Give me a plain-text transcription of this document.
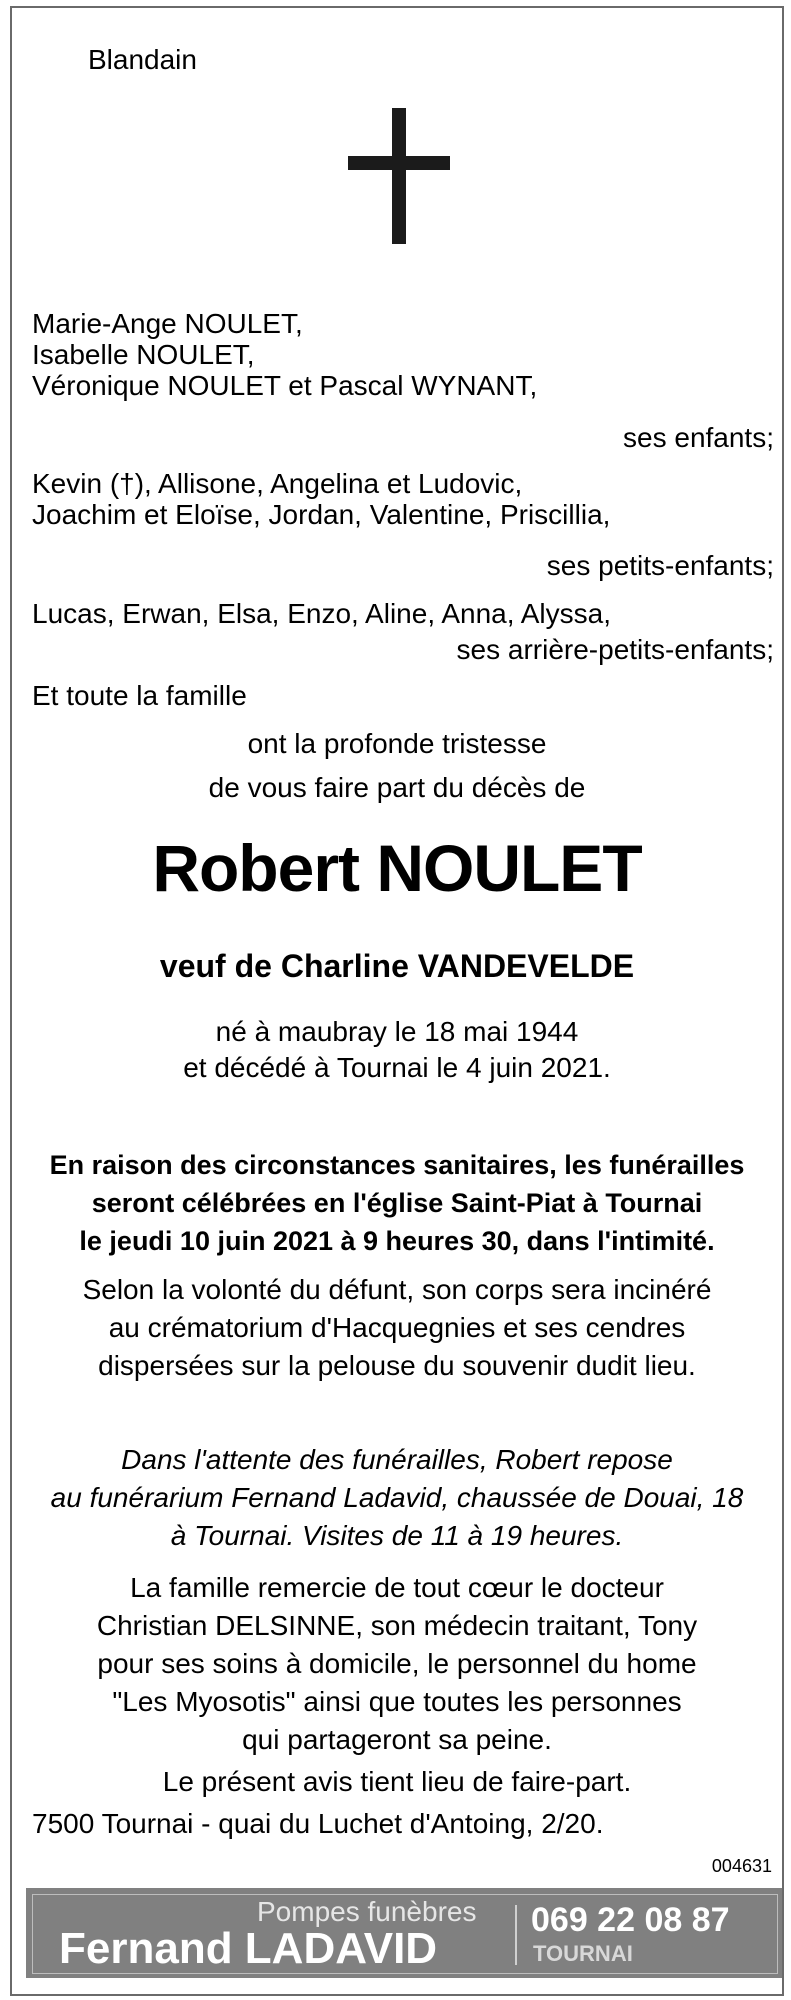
Blandain
Marie-Ange NOULET,
Isabelle NOULET,
Véronique NOULET et Pascal WYNANT,
ses enfants;
Kevin (†), Allisone, Angelina et Ludovic,
Joachim et Eloïse, Jordan, Valentine, Priscillia,
ses petits-enfants;
Lucas, Erwan, Elsa, Enzo, Aline, Anna, Alyssa,
ses arrière-petits-enfants;
Et toute la famille
ont la profonde tristesse
de vous faire part du décès de
Robert NOULET
veuf de Charline VANDEVELDE
né à maubray le 18 mai 1944
et décédé à Tournai le 4 juin 2021.
En raison des circonstances sanitaires, les funérailles
seront célébrées en l'église Saint-Piat à Tournai
le jeudi 10 juin 2021 à 9 heures 30, dans l'intimité.
Selon la volonté du défunt, son corps sera incinéré
au crématorium d'Hacquegnies et ses cendres
dispersées sur la pelouse du souvenir dudit lieu.
Dans l'attente des funérailles, Robert repose
au funérarium Fernand Ladavid, chaussée de Douai, 18
à Tournai. Visites de 11 à 19 heures.
La famille remercie de tout cœur le docteur
Christian DELSINNE, son médecin traitant, Tony
pour ses soins à domicile, le personnel du home
"Les Myosotis" ainsi que toutes les personnes
qui partageront sa peine.
Le présent avis tient lieu de faire-part.
7500 Tournai - quai du Luchet d'Antoing, 2/20.
004631
Pompes funèbres
Fernand LADAVID
069 22 08 87
TOURNAI
